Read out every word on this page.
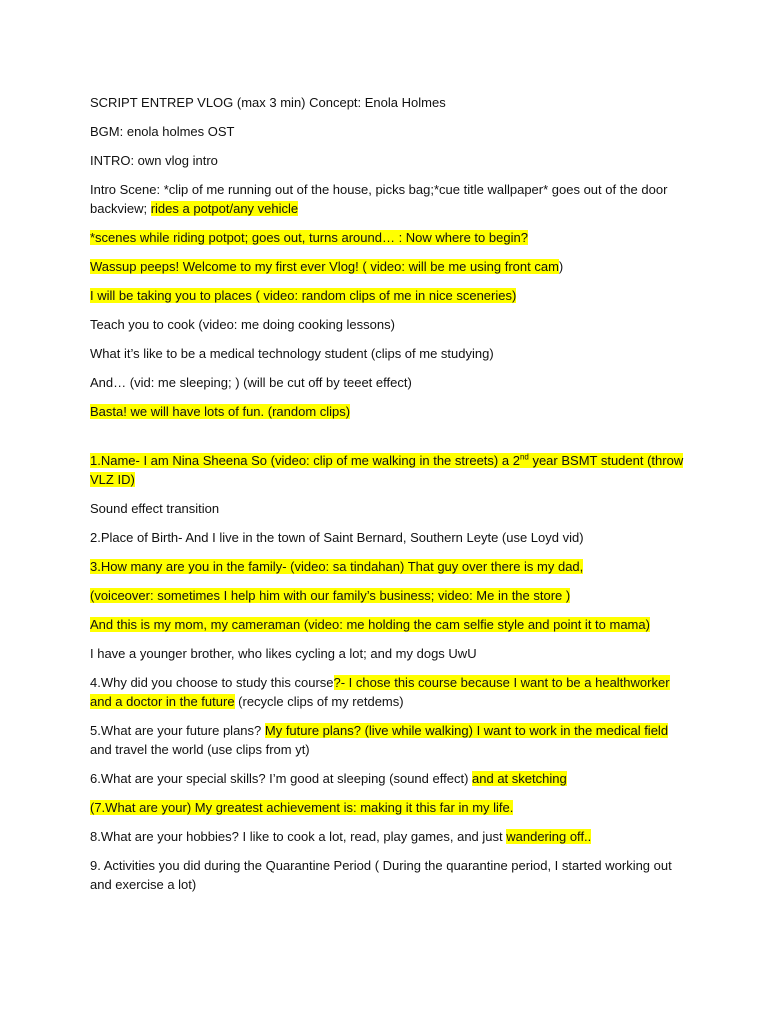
SCRIPT ENTREP VLOG (max 3 min) Concept: Enola Holmes

BGM: enola holmes OST

INTRO: own vlog intro

Intro Scene: *clip of me running out of the house, picks bag;*cue title wallpaper* goes out of the door backview; rides a potpot/any vehicle

*scenes while riding potpot; goes out, turns around… : Now where to begin?

Wassup peeps! Welcome to my first ever Vlog! ( video: will be me using front cam)

I will be taking you to places ( video: random clips of me in nice sceneries)

Teach you to cook (video: me doing cooking lessons)

What it’s like to be a medical technology student (clips of me studying)

And… (vid: me sleeping; ) (will be cut off by teeet effect)

Basta! we will have lots of fun. (random clips)

1.Name- I am Nina Sheena So (video: clip of me walking in the streets) a 2nd year BSMT student (throw VLZ ID)

Sound effect transition

2.Place of Birth- And I live in the town of Saint Bernard, Southern Leyte (use Loyd vid)

3.How many are you in the family- (video: sa tindahan) That guy over there is my dad,

(voiceover: sometimes I help him with our family’s business; video: Me in the store )

And this is my mom, my cameraman (video: me holding the cam selfie style and point it to mama)

I have a younger brother, who likes cycling a lot; and my dogs UwU

4.Why did you choose to study this course?- I chose this course because I want to be a healthworker and a doctor in the future (recycle clips of my retdems)

5.What are your future plans? My future plans? (live while walking) I want to work in the medical field and travel the world (use clips from yt)

6.What are your special skills? I’m good at sleeping (sound effect) and at sketching

(7.What are your) My greatest achievement is: making it this far in my life.

8.What are your hobbies? I like to cook a lot, read, play games, and just wandering off..

9. Activities you did during the Quarantine Period ( During the quarantine period, I started working out and exercise a lot)
